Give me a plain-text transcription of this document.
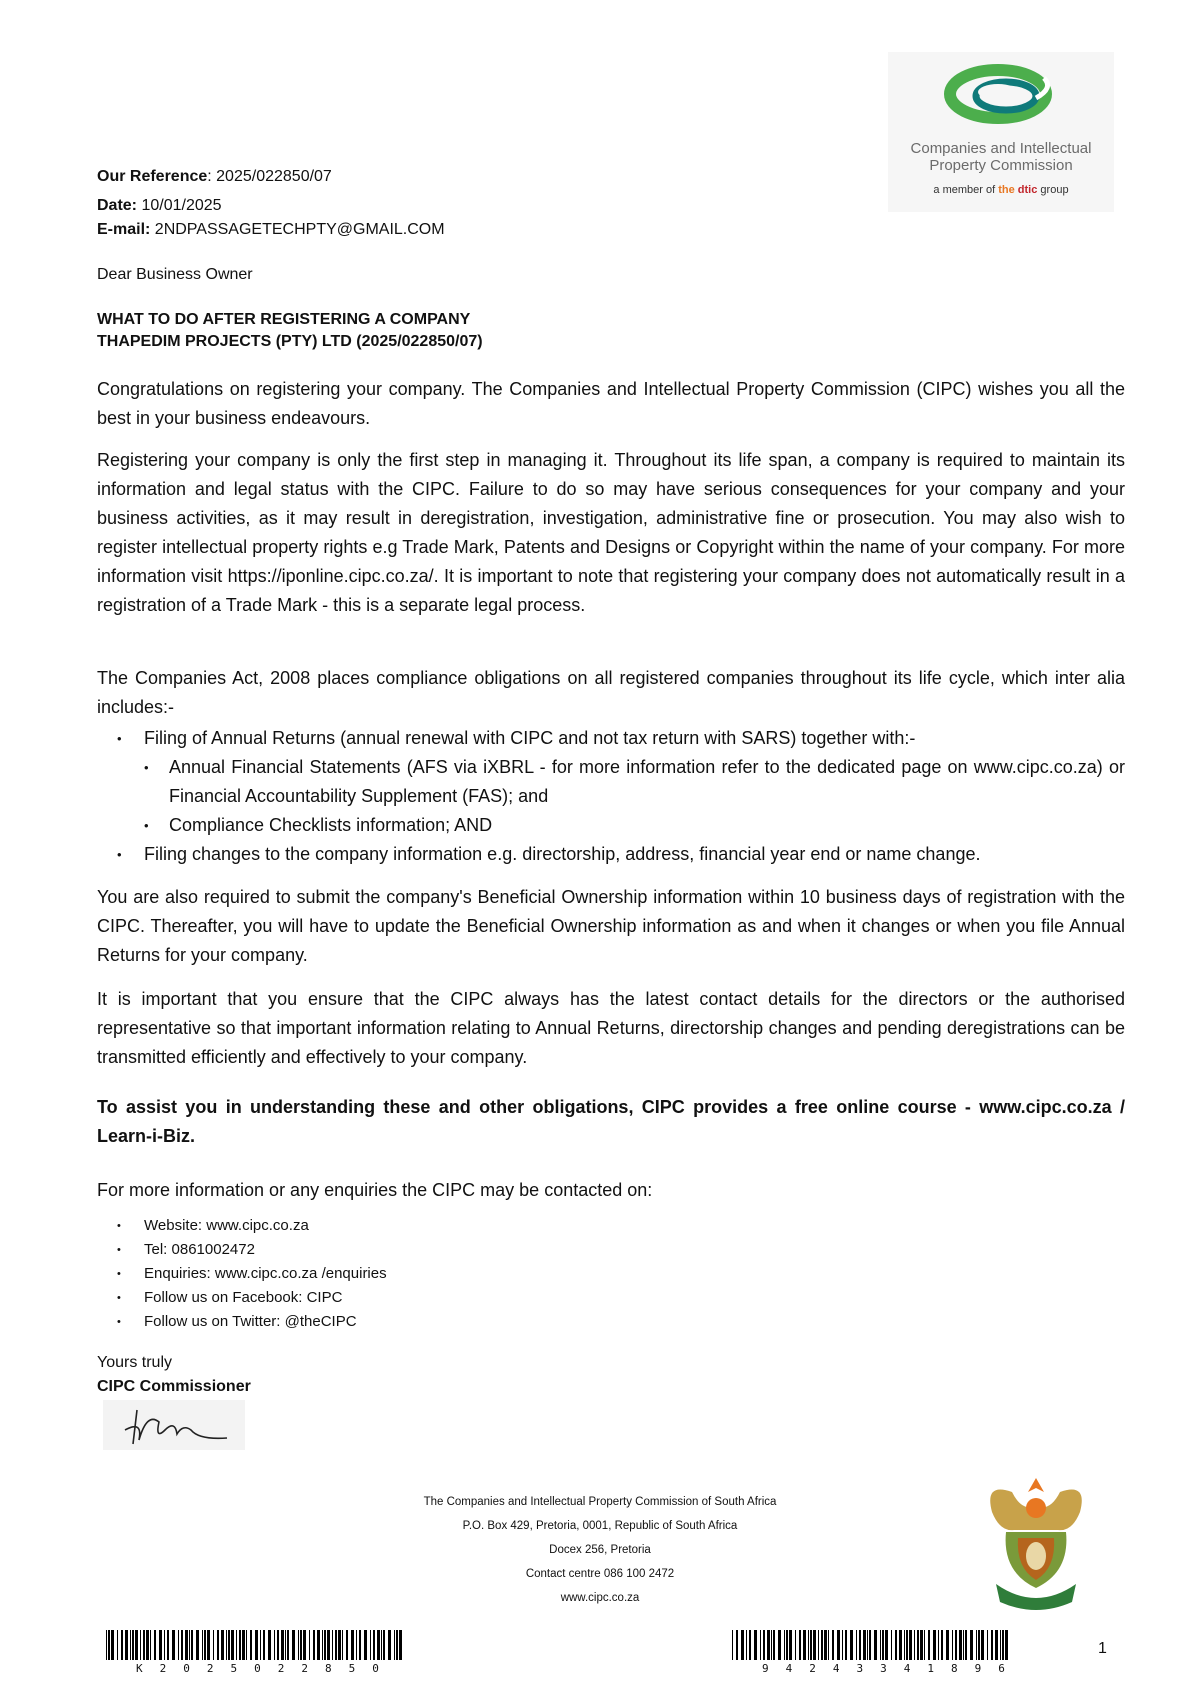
Companies and Intellectual
Property Commission
a member of the dtic group
Our Reference: 2025/022850/07
Date: 10/01/2025
E-mail: 2NDPASSAGETECHPTY@GMAIL.COM
Dear Business Owner
WHAT TO DO AFTER REGISTERING A COMPANY
THAPEDIM PROJECTS (PTY) LTD (2025/022850/07)
Congratulations on registering your company. The Companies and Intellectual Property Commission (CIPC) wishes you all the best in your business endeavours.
Registering your company is only the first step in managing it. Throughout its life span, a company is required to maintain its information and legal status with the CIPC. Failure to do so may have serious consequences for your company and your business activities, as it may result in deregistration, investigation, administrative fine or prosecution. You may also wish to register intellectual property rights e.g Trade Mark, Patents and Designs or Copyright within the name of your company. For more information visit https://iponline.cipc.co.za/. It is important to note that registering your company does not automatically result in a registration of a Trade Mark - this is a separate legal process.
The Companies Act, 2008 places compliance obligations on all registered companies throughout its life cycle, which inter alia includes:-
• Filing of Annual Returns (annual renewal with CIPC and not tax return with SARS) together with:-
• Annual Financial Statements (AFS via iXBRL - for more information refer to the dedicated page on www.cipc.co.za) or Financial Accountability Supplement (FAS); and
• Compliance Checklists information; AND
• Filing changes to the company information e.g. directorship, address, financial year end or name change.
You are also required to submit the company's Beneficial Ownership information within 10 business days of registration with the CIPC. Thereafter, you will have to update the Beneficial Ownership information as and when it changes or when you file Annual Returns for your company.
It is important that you ensure that the CIPC always has the latest contact details for the directors or the authorised representative so that important information relating to Annual Returns, directorship changes and pending deregistrations can be transmitted efficiently and effectively to your company.
To assist you in understanding these and other obligations, CIPC provides a free online course - www.cipc.co.za / Learn-i-Biz.
For more information or any enquiries the CIPC may be contacted on:
• Website: www.cipc.co.za
• Tel: 0861002472
• Enquiries: www.cipc.co.za /enquiries
• Follow us on Facebook: CIPC
• Follow us on Twitter: @theCIPC
Yours truly
CIPC Commissioner
The Companies and Intellectual Property Commission of South Africa
P.O. Box 429, Pretoria, 0001, Republic of South Africa
Docex 256, Pretoria
Contact centre 086 100 2472
www.cipc.co.za
K2025022850	94243341896
1
